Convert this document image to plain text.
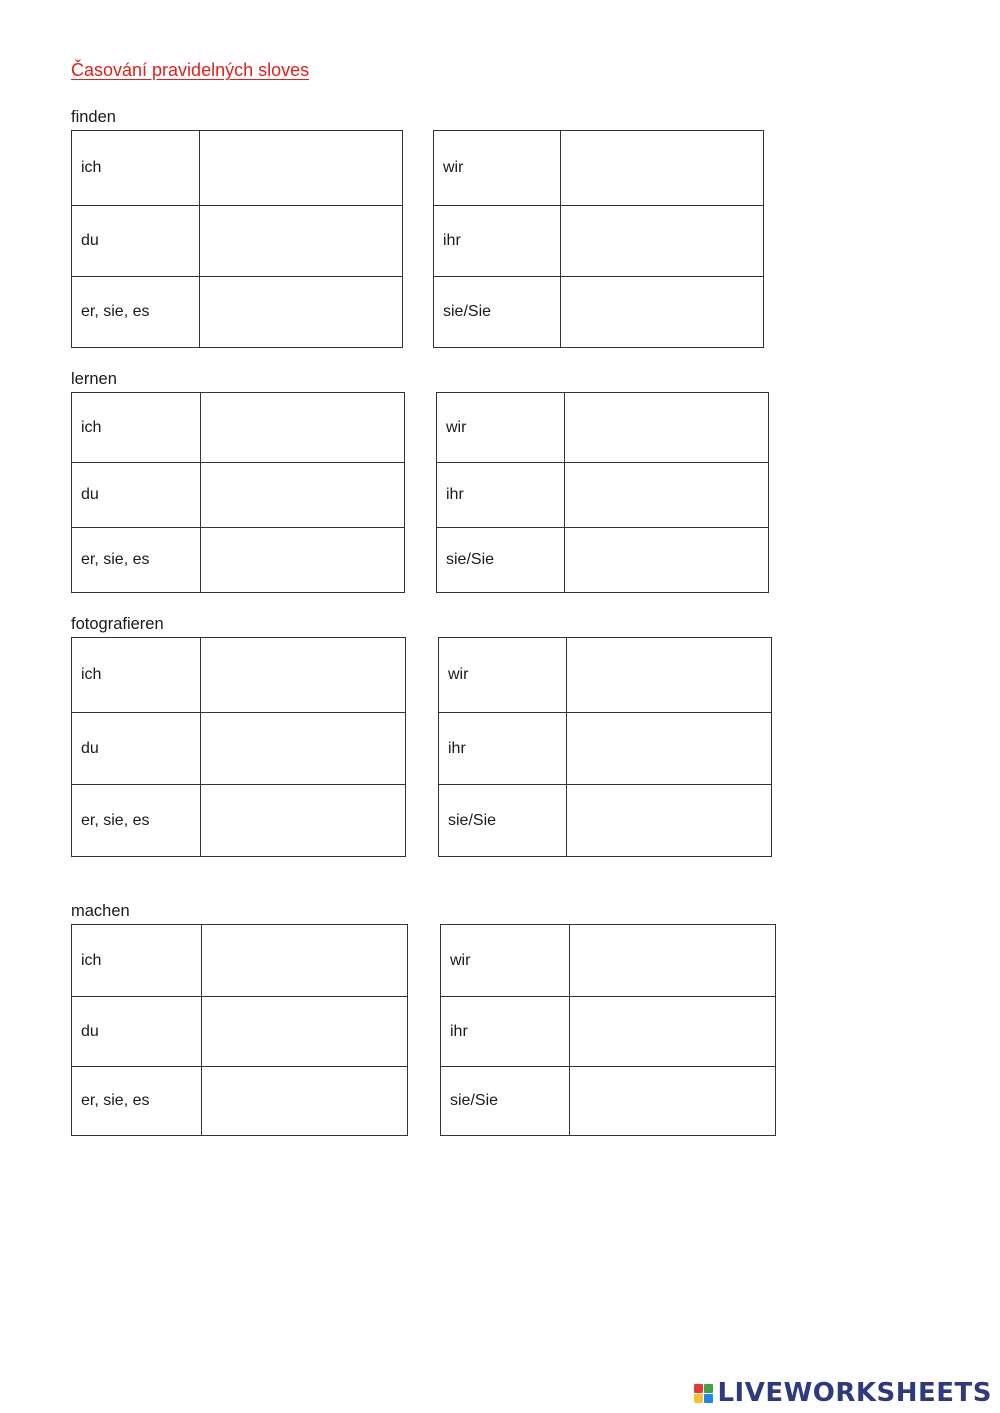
Časování pravidelných sloves
finden
ich	
du	
er, sie, es	
wir	
ihr	
sie/Sie	
lernen
ich	
du	
er, sie, es	
wir	
ihr	
sie/Sie	
fotografieren
ich	
du	
er, sie, es	
wir	
ihr	
sie/Sie	
machen
ich	
du	
er, sie, es	
wir	
ihr	
sie/Sie	
LIVEWORKSHEETS
